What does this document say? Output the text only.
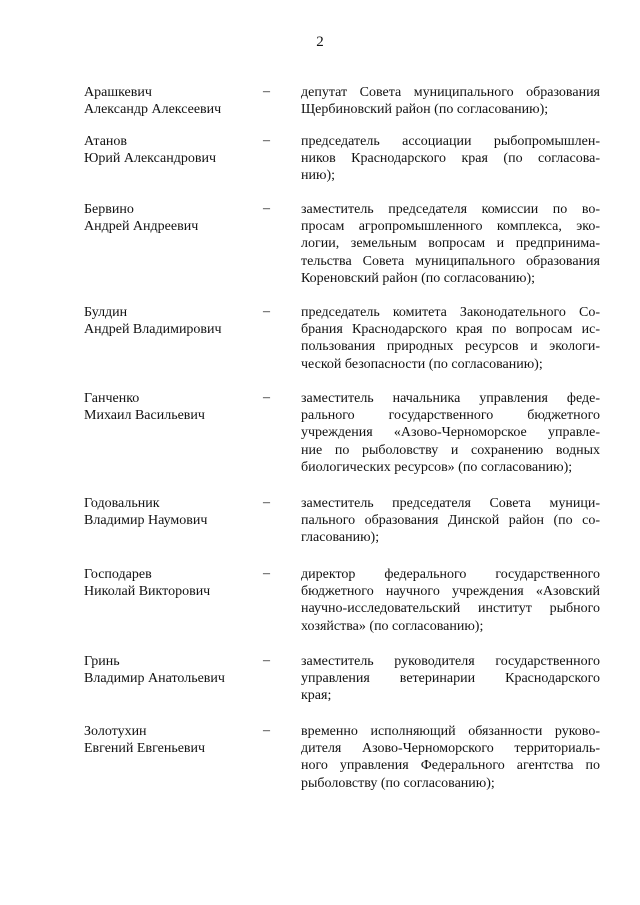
2
Арашкевич
Александр Алексеевич
– депутат Совета муниципального образования
Щербиновский район (по согласованию);
Атанов
Юрий Александрович
– председатель ассоциации рыбопромышлен-
ников Краснодарского края (по согласова-
нию);
Бервино
Андрей Андреевич
– заместитель председателя комиссии по во-
просам агропромышленного комплекса, эко-
логии, земельным вопросам и предпринима-
тельства Совета муниципального образования
Кореновский район (по согласованию);
Булдин
Андрей Владимирович
– председатель комитета Законодательного Со-
брания Краснодарского края по вопросам ис-
пользования природных ресурсов и экологи-
ческой безопасности (по согласованию);
Ганченко
Михаил Васильевич
– заместитель начальника управления феде-
рального государственного бюджетного
учреждения «Азово-Черноморское управле-
ние по рыболовству и сохранению водных
биологических ресурсов» (по согласованию);
Годовальник
Владимир Наумович
– заместитель председателя Совета муници-
пального образования Динской район (по со-
гласованию);
Господарев
Николай Викторович
– директор федерального государственного
бюджетного научного учреждения «Азовский
научно-исследовательский институт рыбного
хозяйства» (по согласованию);
Гринь
Владимир Анатольевич
– заместитель руководителя государственного
управления ветеринарии Краснодарского
края;
Золотухин
Евгений Евгеньевич
– временно исполняющий обязанности руково-
дителя Азово-Черноморского территориаль-
ного управления Федерального агентства по
рыболовству (по согласованию);
